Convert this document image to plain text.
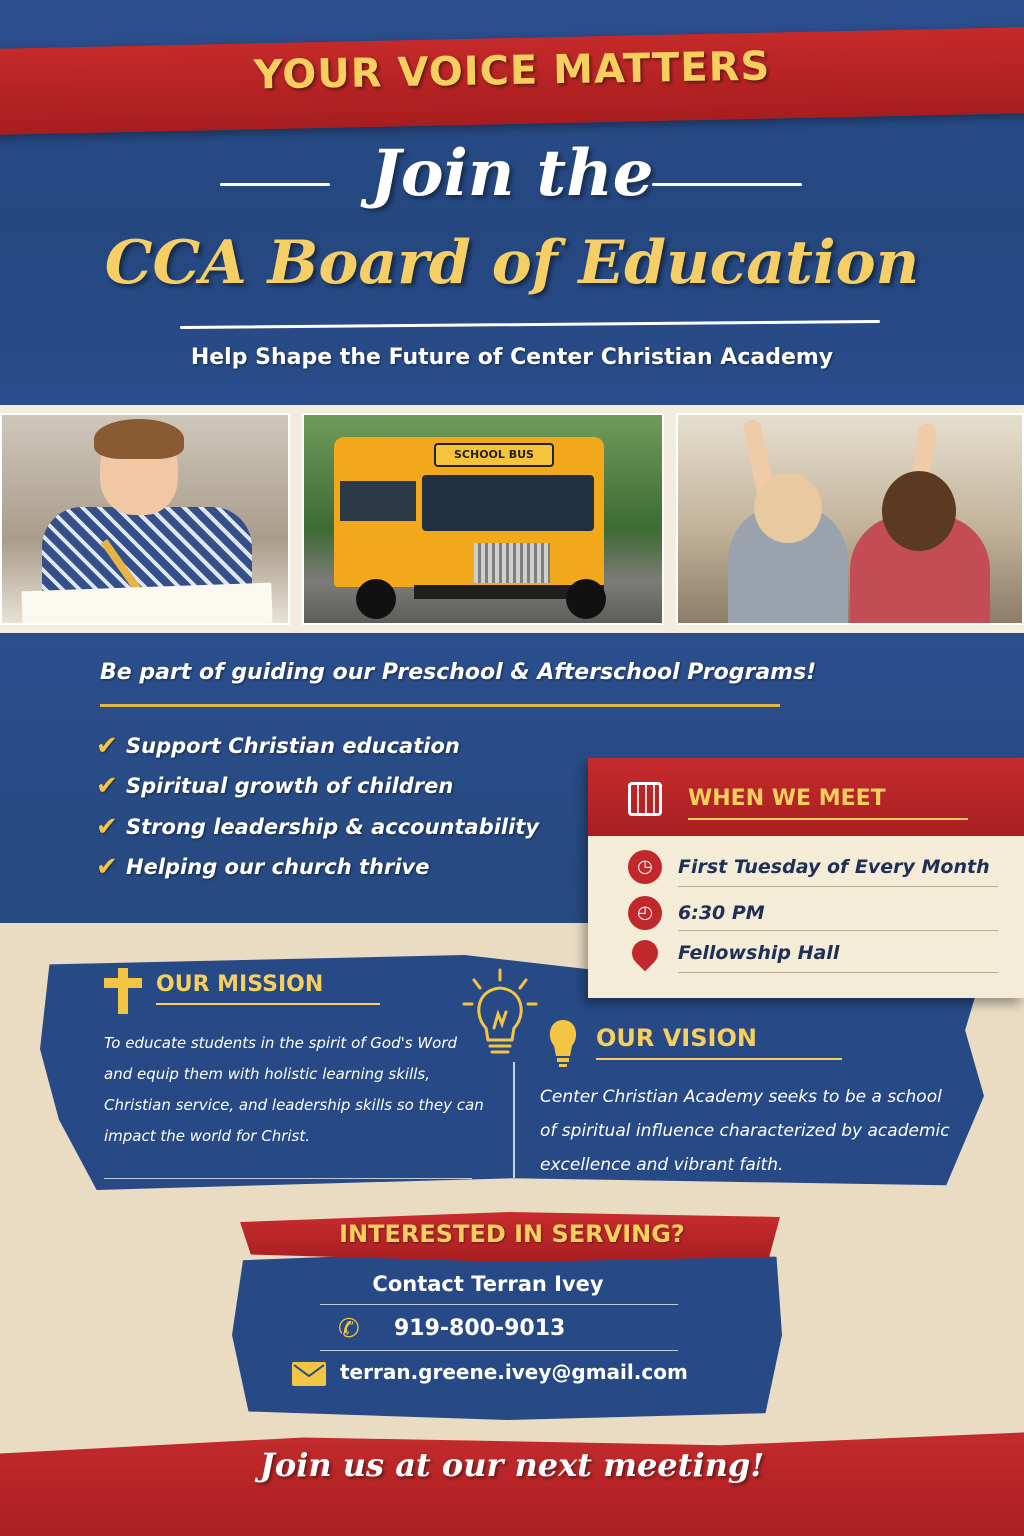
YOUR VOICE MATTERS
Join the
CCA Board of Education
Help Shape the Future of Center Christian Academy
SCHOOL BUS
Be part of guiding our Preschool & Afterschool Programs!
✔ Support Christian education
✔ Spiritual growth of children
✔ Strong leadership & accountability
✔ Helping our church thrive
OUR MISSION
To educate students in the spirit of God's Word and equip them with holistic learning skills, Christian service, and leadership skills so they can impact the world for Christ.
OUR VISION
Center Christian Academy seeks to be a school of spiritual influence characterized by academic excellence and vibrant faith.
WHEN WE MEET
◷	First Tuesday of Every Month
◴	6:30 PM
Fellowship Hall
INTERESTED IN SERVING?
Contact Terran Ivey
✆ 919-800-9013
terran.greene.ivey@gmail.com
Join us at our next meeting!
